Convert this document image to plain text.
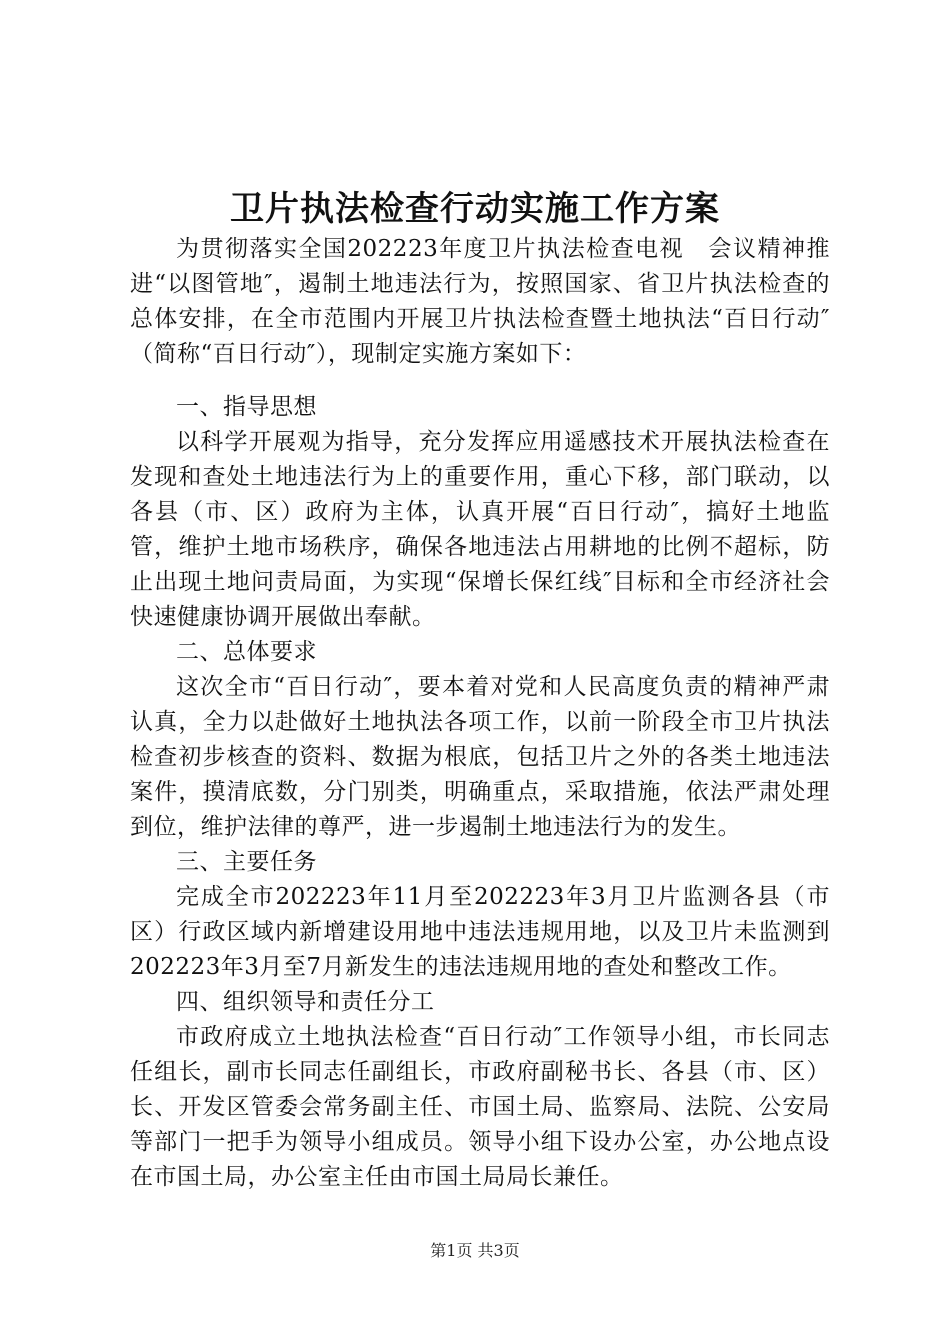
卫片执法检查行动实施工作方案

为贯彻落实全国202223年度卫片执法检查电视　会议精神推进“以图管地″，遏制土地违法行为，按照国家、省卫片执法检查的总体安排，在全市范围内开展卫片执法检查暨土地执法“百日行动″（简称“百日行动″），现制定实施方案如下：

一、指导思想

以科学开展观为指导，充分发挥应用遥感技术开展执法检查在发现和查处土地违法行为上的重要作用，重心下移，部门联动，以各县（市、区）政府为主体，认真开展“百日行动″，搞好土地监管，维护土地市场秩序，确保各地违法占用耕地的比例不超标，防止出现土地问责局面，为实现“保增长保红线″目标和全市经济社会快速健康协调开展做出奉献。

二、总体要求

这次全市“百日行动″，要本着对党和人民高度负责的精神严肃认真，全力以赴做好土地执法各项工作，以前一阶段全市卫片执法检查初步核查的资料、数据为根底，包括卫片之外的各类土地违法案件，摸清底数，分门别类，明确重点，采取措施，依法严肃处理到位，维护法律的尊严，进一步遏制土地违法行为的发生。

三、主要任务

完成全市202223年11月至202223年3月卫片监测各县（市区）行政区域内新增建设用地中违法违规用地，以及卫片未监测到202223年3月至7月新发生的违法违规用地的查处和整改工作。

四、组织领导和责任分工

市政府成立土地执法检查“百日行动″工作领导小组，市长同志任组长，副市长同志任副组长，市政府副秘书长、各县（市、区）长、开发区管委会常务副主任、市国土局、监察局、法院、公安局等部门一把手为领导小组成员。领导小组下设办公室，办公地点设在市国土局，办公室主任由市国土局局长兼任。

第1页 共3页
